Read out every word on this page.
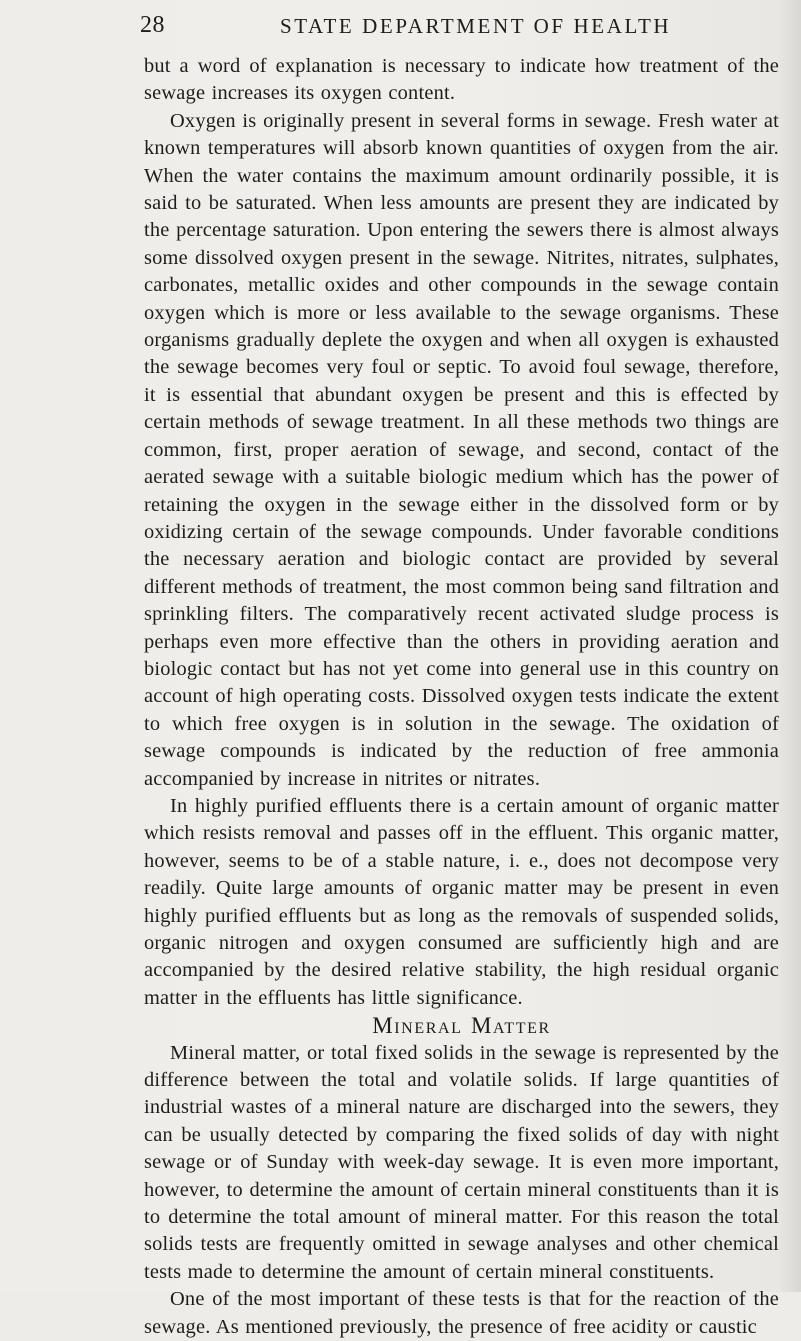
28	STATE DEPARTMENT OF HEALTH

but a word of explanation is necessary to indicate how treatment of the sewage increases its oxygen content.

Oxygen is originally present in several forms in sewage. Fresh water at known temperatures will absorb known quantities of oxygen from the air. When the water contains the maximum amount ordinarily possible, it is said to be saturated. When less amounts are present they are indicated by the percentage saturation. Upon entering the sewers there is almost always some dissolved oxygen present in the sewage. Nitrites, nitrates, sulphates, carbonates, metallic oxides and other compounds in the sewage contain oxygen which is more or less available to the sewage organisms. These organisms gradually deplete the oxygen and when all oxygen is exhausted the sewage becomes very foul or septic. To avoid foul sewage, therefore, it is essential that abundant oxygen be present and this is effected by certain methods of sewage treatment. In all these methods two things are common, first, proper aeration of sewage, and second, contact of the aerated sewage with a suitable biologic medium which has the power of retaining the oxygen in the sewage either in the dissolved form or by oxidizing certain of the sewage compounds. Under favorable conditions the necessary aeration and biologic contact are provided by several different methods of treatment, the most common being sand filtration and sprinkling filters. The comparatively recent activated sludge process is perhaps even more effective than the others in providing aeration and biologic contact but has not yet come into general use in this country on account of high operating costs. Dissolved oxygen tests indicate the extent to which free oxygen is in solution in the sewage. The oxidation of sewage compounds is indicated by the reduction of free ammonia accompanied by increase in nitrites or nitrates.

In highly purified effluents there is a certain amount of organic matter which resists removal and passes off in the effluent. This organic matter, however, seems to be of a stable nature, i. e., does not decompose very readily. Quite large amounts of organic matter may be present in even highly purified effluents but as long as the removals of suspended solids, organic nitrogen and oxygen consumed are sufficiently high and are accompanied by the desired relative stability, the high residual organic matter in the effluents has little significance.

Mineral Matter

Mineral matter, or total fixed solids in the sewage is represented by the difference between the total and volatile solids. If large quantities of industrial wastes of a mineral nature are discharged into the sewers, they can be usually detected by comparing the fixed solids of day with night sewage or of Sunday with week-day sewage. It is even more important, however, to determine the amount of certain mineral constituents than it is to determine the total amount of mineral matter. For this reason the total solids tests are frequently omitted in sewage analyses and other chemical tests made to determine the amount of certain mineral constituents.

One of the most important of these tests is that for the reaction of the sewage. As mentioned previously, the presence of free acidity or caustic
